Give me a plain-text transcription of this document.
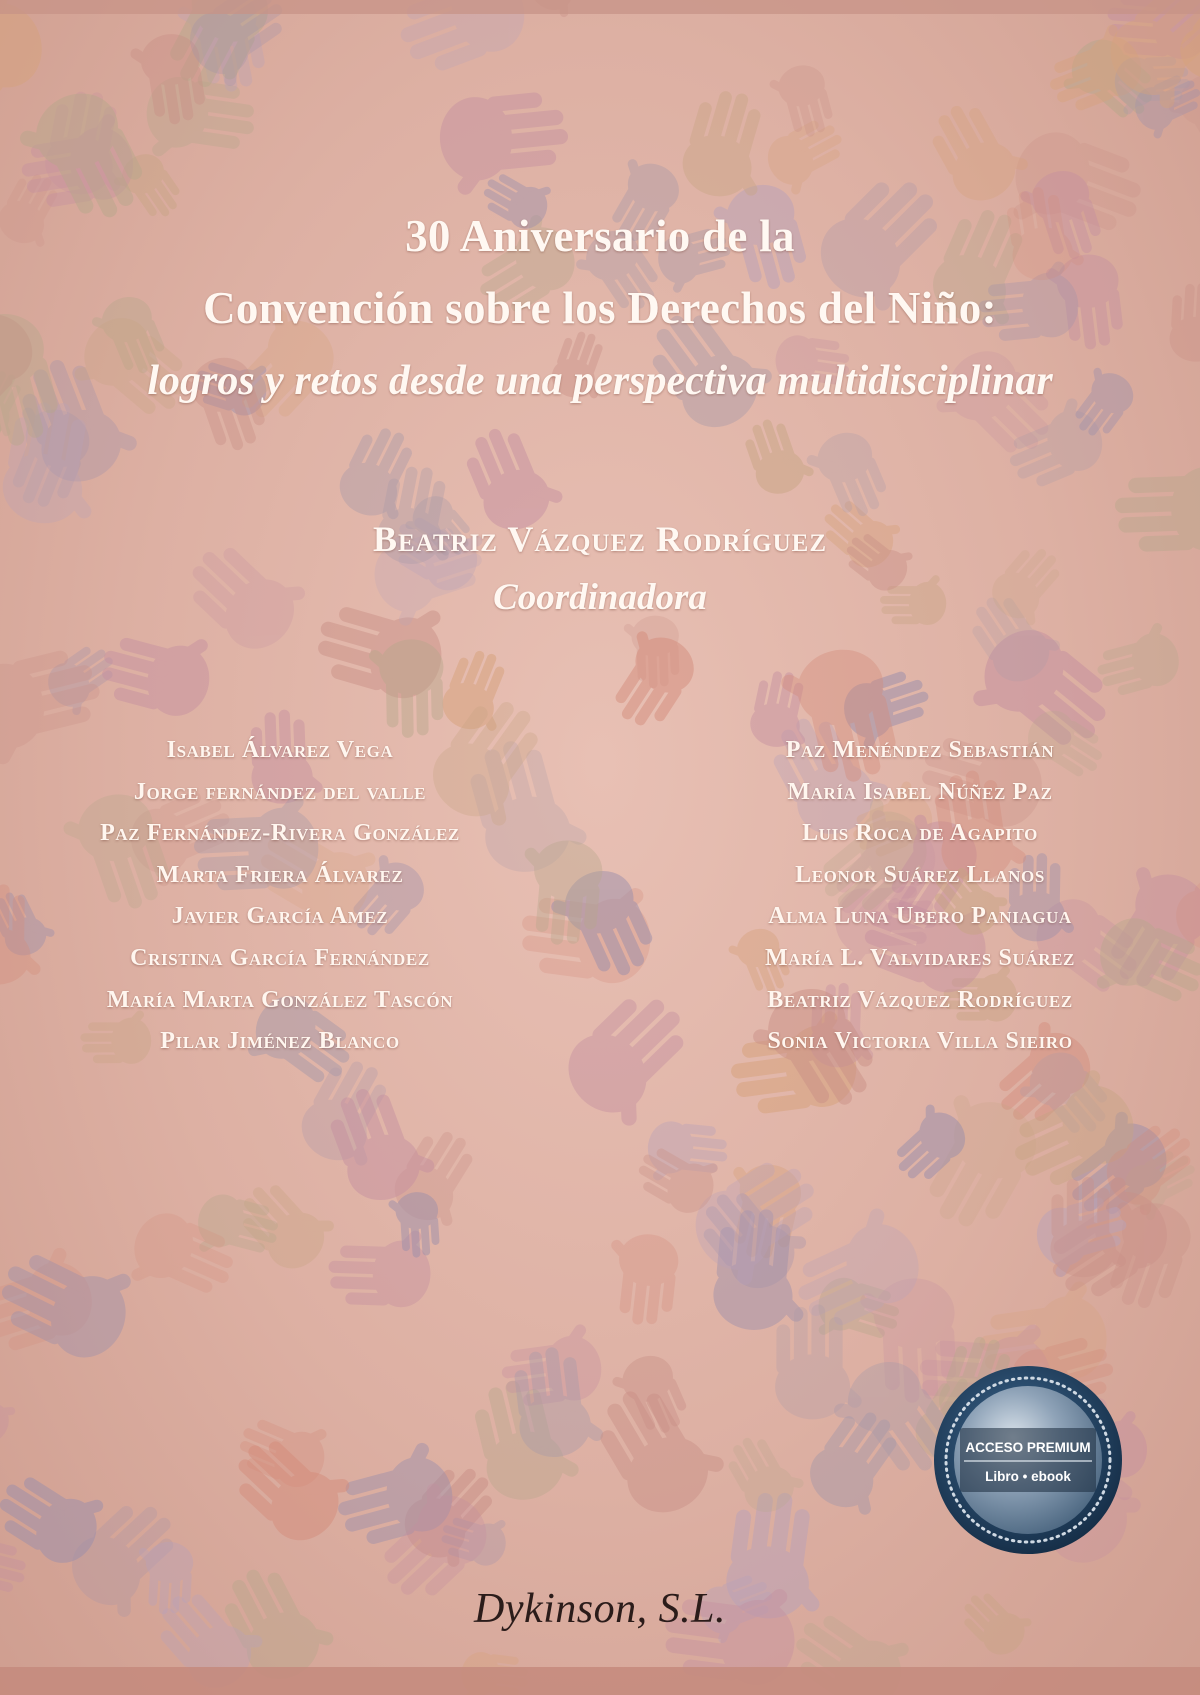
30 Aniversario de la
Convención sobre los Derechos del Niño:
logros y retos desde una perspectiva multidisciplinar
Beatriz Vázquez Rodríguez
Coordinadora
Isabel Álvarez Vega
Jorge fernández del valle
Paz Fernández-Rivera González
Marta Friera Álvarez
Javier García Amez
Cristina García Fernández
María Marta González Tascón
Pilar Jiménez Blanco
Paz Menéndez Sebastián
María Isabel Núñez Paz
Luis Roca de Agapito
Leonor Suárez Llanos
Alma Luna Ubero Paniagua
María L. Valvidares Suárez
Beatriz Vázquez Rodríguez
Sonia Victoria Villa Sieiro
ACCESO PREMIUM
Libro • ebook
Dykinson, S.L.
